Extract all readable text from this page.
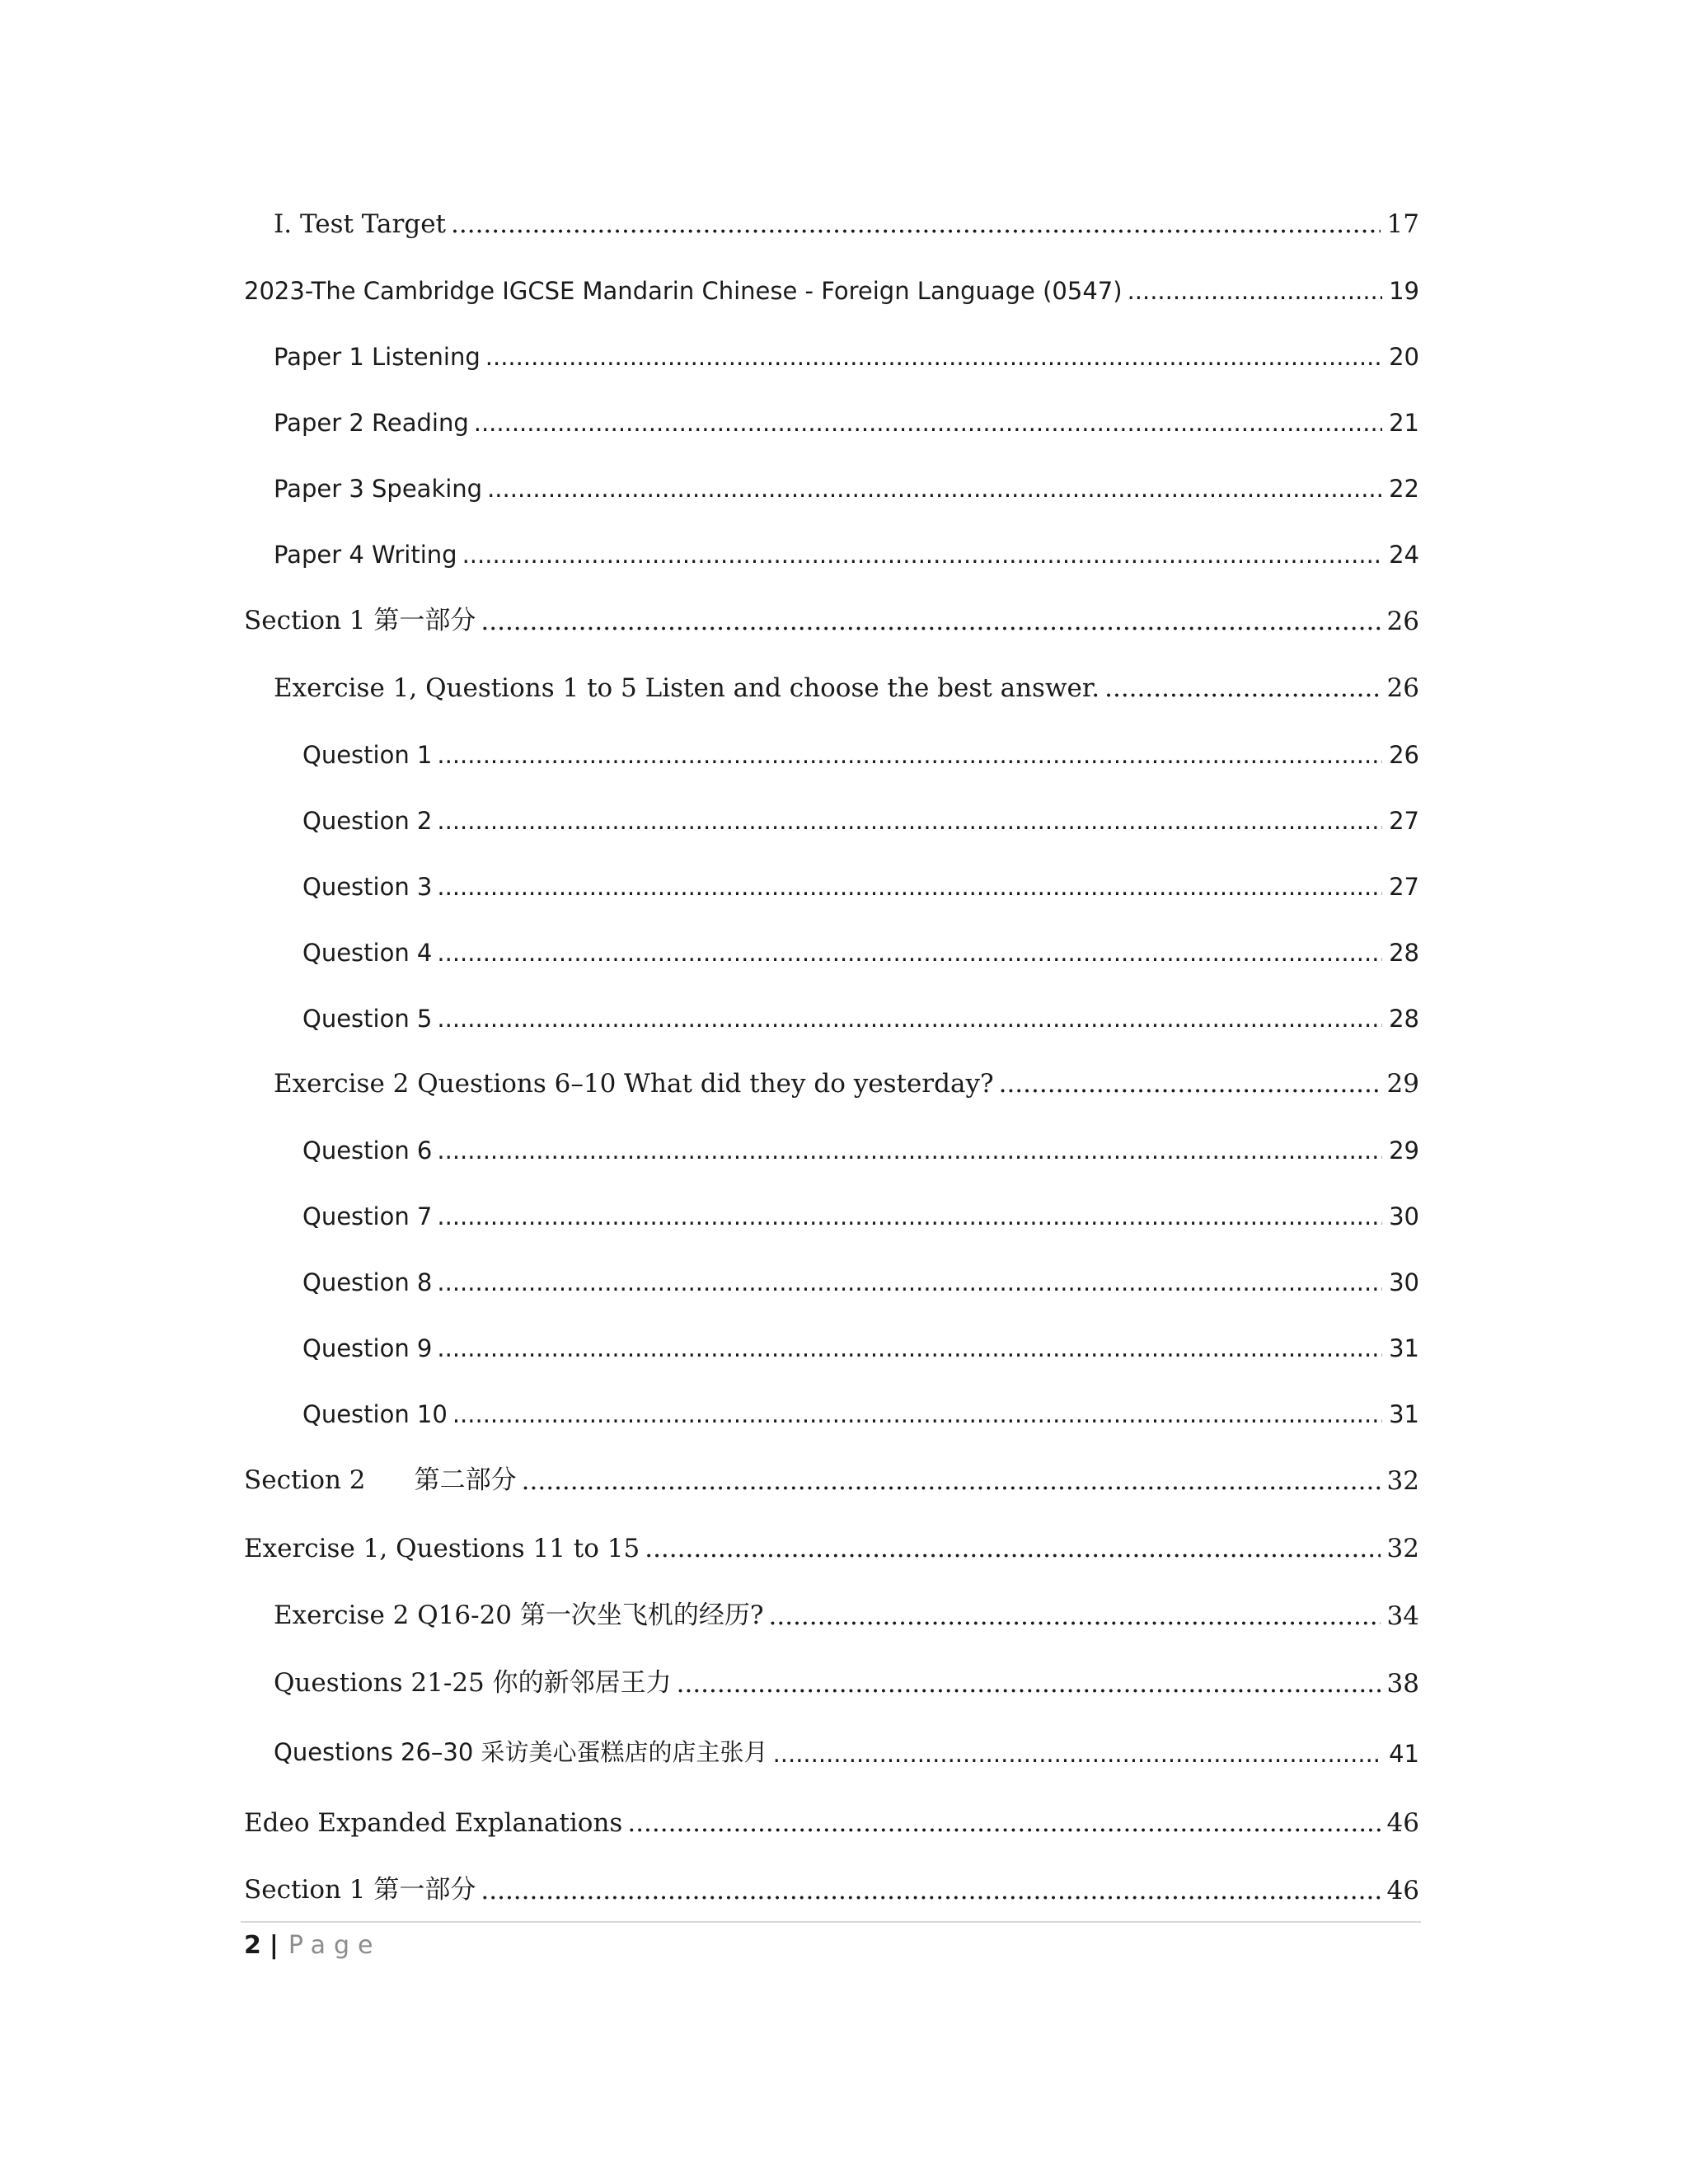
I. Test Target .....	17
2023-The Cambridge IGCSE Mandarin Chinese - Foreign Language (0547) .....	19
Paper 1 Listening .....	20
Paper 2 Reading .....	21
Paper 3 Speaking .....	22
Paper 4 Writing .....	24
Section 1 第一部分 .....	26
Exercise 1, Questions 1 to 5 Listen and choose the best answer. .....	26
Question 1 .....	26
Question 2 .....	27
Question 3 .....	27
Question 4 .....	28
Question 5 .....	28
Exercise 2 Questions 6–10 What did they do yesterday? .....	29
Question 6 .....	29
Question 7 .....	30
Question 8 .....	30
Question 9 .....	31
Question 10 .....	31
Section 2      第二部分 .....	32
Exercise 1, Questions 11 to 15 .....	32
Exercise 2 Q16-20 第一次坐飞机的经历? .....	34
Questions 21-25 你的新邻居王力 .....	38
Questions 26–30 采访美心蛋糕店的店主张月 .....	41
Edeo Expanded Explanations .....	46
Section 1 第一部分 .....	46
2 | Page
